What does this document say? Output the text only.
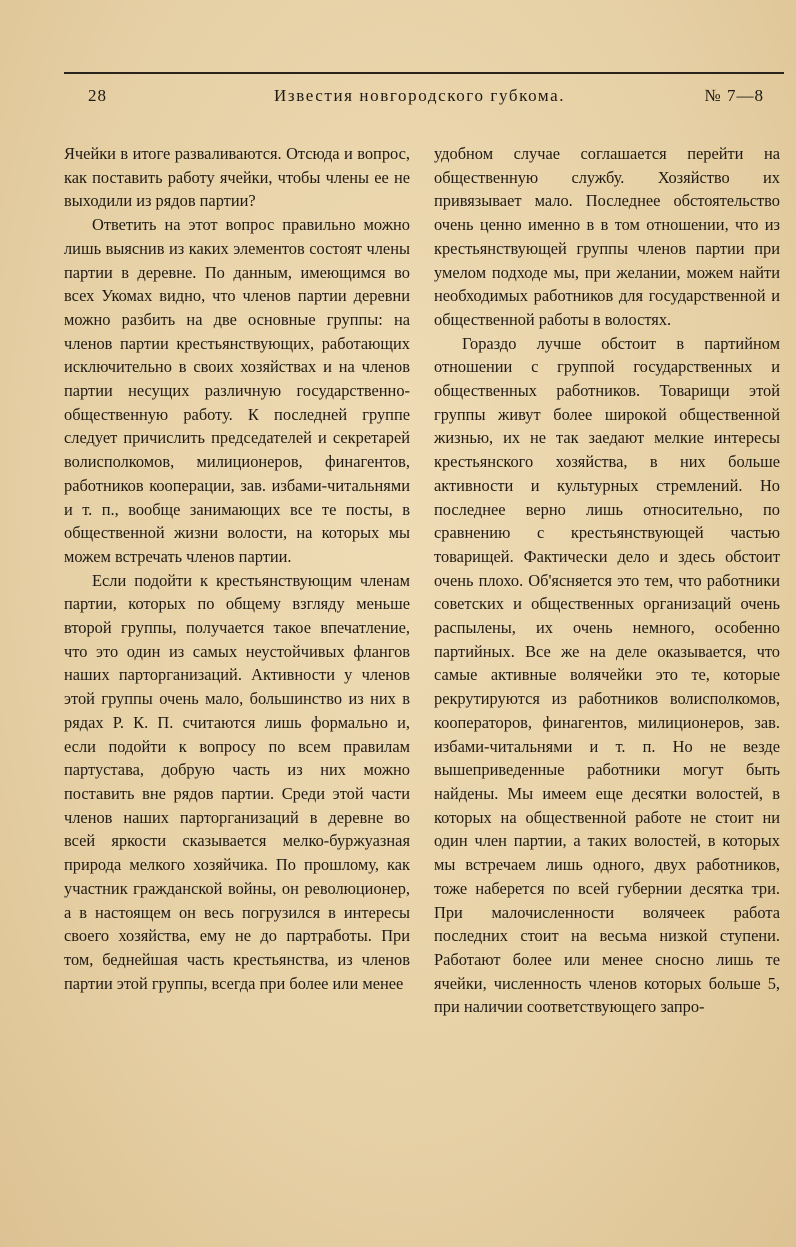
28	Известия новгородского губкома.	№ 7—8

Ячейки в итоге разваливаются. Отсюда и вопрос, как поставить работу ячейки, чтобы члены ее не выходили из рядов партии?

Ответить на этот вопрос правильно можно лишь выяснив из каких элементов состоят члены партии в деревне. По данным, имеющимся во всех Укомах видно, что членов партии деревни можно разбить на две основные группы: на членов партии крестьянствующих, работающих исключительно в своих хозяйствах и на членов партии несущих различную государственно-общественную работу. К последней группе следует причислить председателей и секретарей волисполкомов, милиционеров, финагентов, работников кооперации, зав. избами-читальнями и т. п., вообще занимающих все те посты, в общественной жизни волости, на которых мы можем встречать членов партии.

Если подойти к крестьянствующим членам партии, которых по общему взгляду меньше второй группы, получается такое впечатление, что это один из самых неустойчивых флангов наших парторганизаций. Активности у членов этой группы очень мало, большинство из них в рядах Р. К. П. считаются лишь формально и, если подойти к вопросу по всем правилам партустава, добрую часть из них можно поставить вне рядов партии. Среди этой части членов наших парторганизаций в деревне во всей яркости сказывается мелко-буржуазная природа мелкого хозяйчика. По прошлому, как участник гражданской войны, он революционер, а в настоящем он весь погрузился в интересы своего хозяйства, ему не до партработы. При том, беднейшая часть крестьянства, из членов партии этой группы, всегда при более или менее

удобном случае соглашается перейти на общественную службу. Хозяйство их привязывает мало. Последнее обстоятельство очень ценно именно в в том отношении, что из крестьянствующей группы членов партии при умелом подходе мы, при желании, можем найти необходимых работников для государственной и общественной работы в волостях.

Гораздо лучше обстоит в партийном отношении с группой государственных и общественных работников. Товарищи этой группы живут более широкой общественной жизнью, их не так заедают мелкие интересы крестьянского хозяйства, в них больше активности и культурных стремлений. Но последнее верно лишь относительно, по сравнению с крестьянствующей частью товарищей. Фактически дело и здесь обстоит очень плохо. Об'ясняется это тем, что работники советских и общественных организаций очень распылены, их очень немного, особенно партийных. Все же на деле оказывается, что самые активные волячейки это те, которые рекрутируются из работников волисполкомов, кооператоров, финагентов, милиционеров, зав. избами-читальнями и т. п. Но не везде вышеприведенные работники могут быть найдены. Мы имеем еще десятки волостей, в которых на общественной работе не стоит ни один член партии, а таких волостей, в которых мы встречаем лишь одного, двух работников, тоже наберется по всей губернии десятка три. При малочисленности волячеек работа последних стоит на весьма низкой ступени. Работают более или менее сносно лишь те ячейки, численность членов которых больше 5, при наличии соответствующего запро-
